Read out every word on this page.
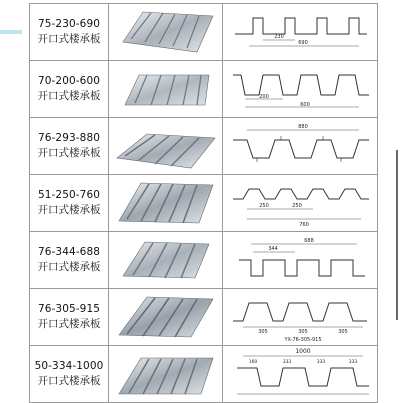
75-230-690
开口式楼承板		230
690

70-200-600
开口式楼承板		200
600

76-293-880
开口式楼承板		880

51-250-760
开口式楼承板		250 250
760

76-344-688
开口式楼承板		688
344

76-305-915
开口式楼承板		305 305 305
YX-76-305-915

50-334-1000
开口式楼承板		1000
160 333 333 333
